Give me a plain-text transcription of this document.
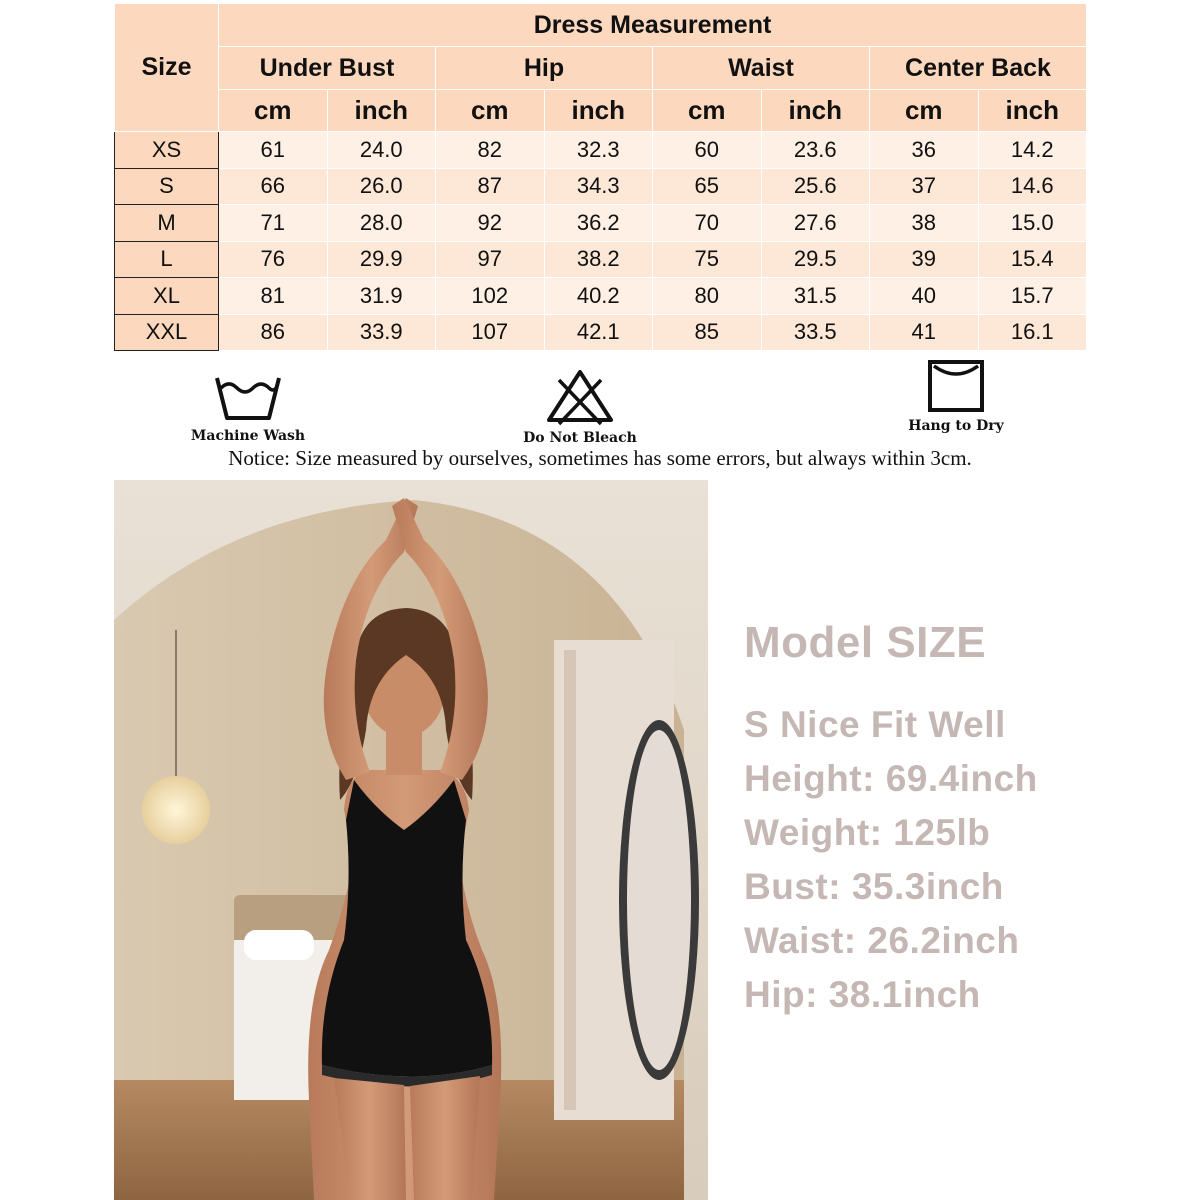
Size	Dress Measurement							
	Under Bust		Hip		Waist		Center Back	
	cm	inch	cm	inch	cm	inch	cm	inch
XS	61	24.0	82	32.3	60	23.6	36	14.2
S	66	26.0	87	34.3	65	25.6	37	14.6
M	71	28.0	92	36.2	70	27.6	38	15.0
L	76	29.9	97	38.2	75	29.5	39	15.4
XL	81	31.9	102	40.2	80	31.5	40	15.7
XXL	86	33.9	107	42.1	85	33.5	41	16.1
Machine Wash	Do Not Bleach
Hang to Dry
Notice: Size measured by ourselves, sometimes has some errors, but always within 3cm.
Model SIZE
S Nice Fit Well
Height: 69.4inch
Weight: 125lb
Bust: 35.3inch
Waist: 26.2inch
Hip: 38.1inch
